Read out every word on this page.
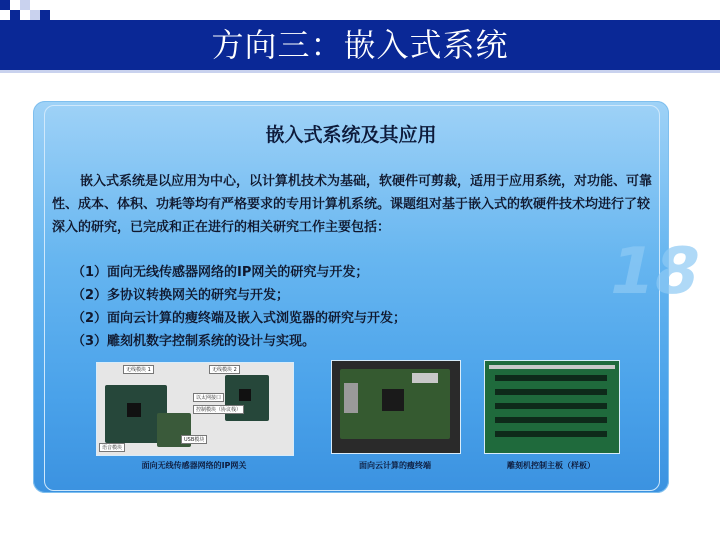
方向三：嵌入式系统
18
嵌入式系统及其应用
嵌入式系统是以应用为中心，以计算机技术为基础，软硬件可剪裁，适用于应用系统，对功能、可靠性、成本、体积、功耗等均有严格要求的专用计算机系统。课题组对基于嵌入式的软硬件技术均进行了较深入的研究，已完成和正在进行的相关研究工作主要包括：
（1）面向无线传感器网络的IP网关的研究与开发；
（2）多协议转换网关的研究与开发；
（2）面向云计算的瘦终端及嵌入式浏览器的研究与开发；
（3）雕刻机数字控制系统的设计与实现。
无线模块 1	无线模块 2
以太网接口
控制模块（协议栈）
语音模块
USB模块
面向无线传感器网络的IP网关	面向云计算的瘦终端	雕刻机控制主板（样板）
